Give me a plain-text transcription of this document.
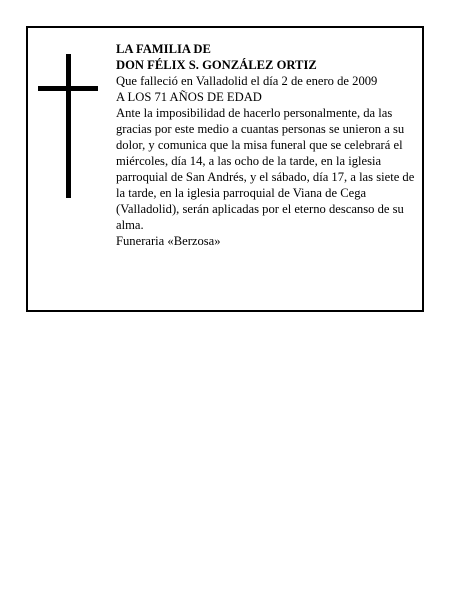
LA FAMILIA DE

DON FÉLIX S. GONZÁLEZ ORTIZ

Que falleció en Valladolid el día 2 de enero de 2009

A LOS 71 AÑOS DE EDAD

Ante la imposibilidad de hacerlo personalmente, da las gracias por este medio a cuantas personas se unieron a su dolor, y comunica que la misa funeral que se celebrará el miércoles, día 14, a las ocho de la tarde, en la iglesia parroquial de San Andrés, y el sábado, día 17, a las siete de la tarde, en la iglesia parroquial de Viana de Cega (Valladolid), serán aplicadas por el eterno descanso de su alma.

Funeraria «Berzosa»
